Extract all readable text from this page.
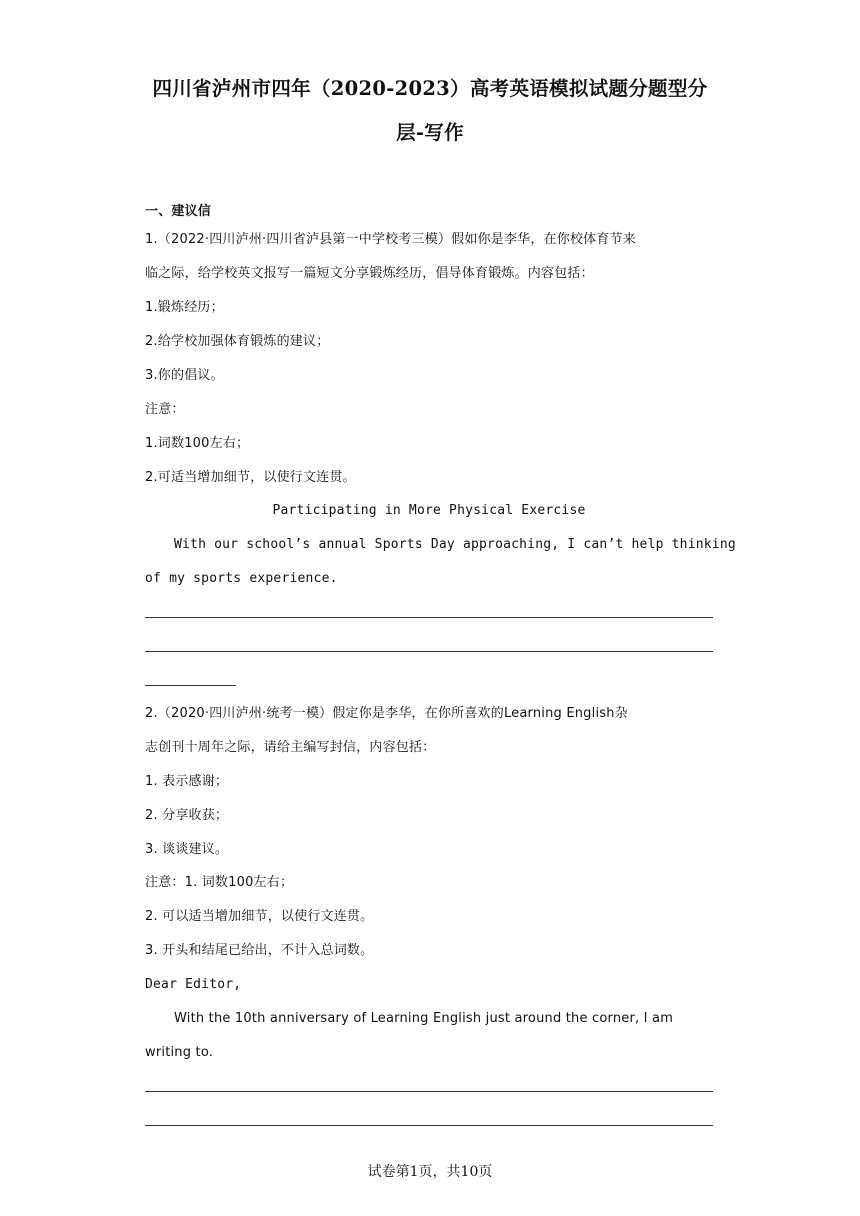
四川省泸州市四年（2020-2023）高考英语模拟试题分题型分
层-写作
一、建议信
1.（2022·四川泸州·四川省泸县第一中学校考三模）假如你是李华，在你校体育节来
临之际，给学校英文报写一篇短文分享锻炼经历，倡导体育锻炼。内容包括：
1.锻炼经历；
2.给学校加强体育锻炼的建议；
3.你的倡议。
注意：
1.词数100左右；
2.可适当增加细节，以使行文连贯。
Participating in More Physical Exercise
With our school’s annual Sports Day approaching, I can’t help thinking
of my sports experience.
2.（2020·四川泸州·统考一模）假定你是李华，在你所喜欢的Learning English杂
志创刊十周年之际，请给主编写封信，内容包括：
1. 表示感谢；
2. 分享收获；
3. 谈谈建议。
注意：1. 词数100左右；
2. 可以适当增加细节，以使行文连贯。
3. 开头和结尾已给出，不计入总词数。
Dear Editor,
With the 10th anniversary of Learning English just around the corner, I am
writing to.
试卷第1页，共10页
